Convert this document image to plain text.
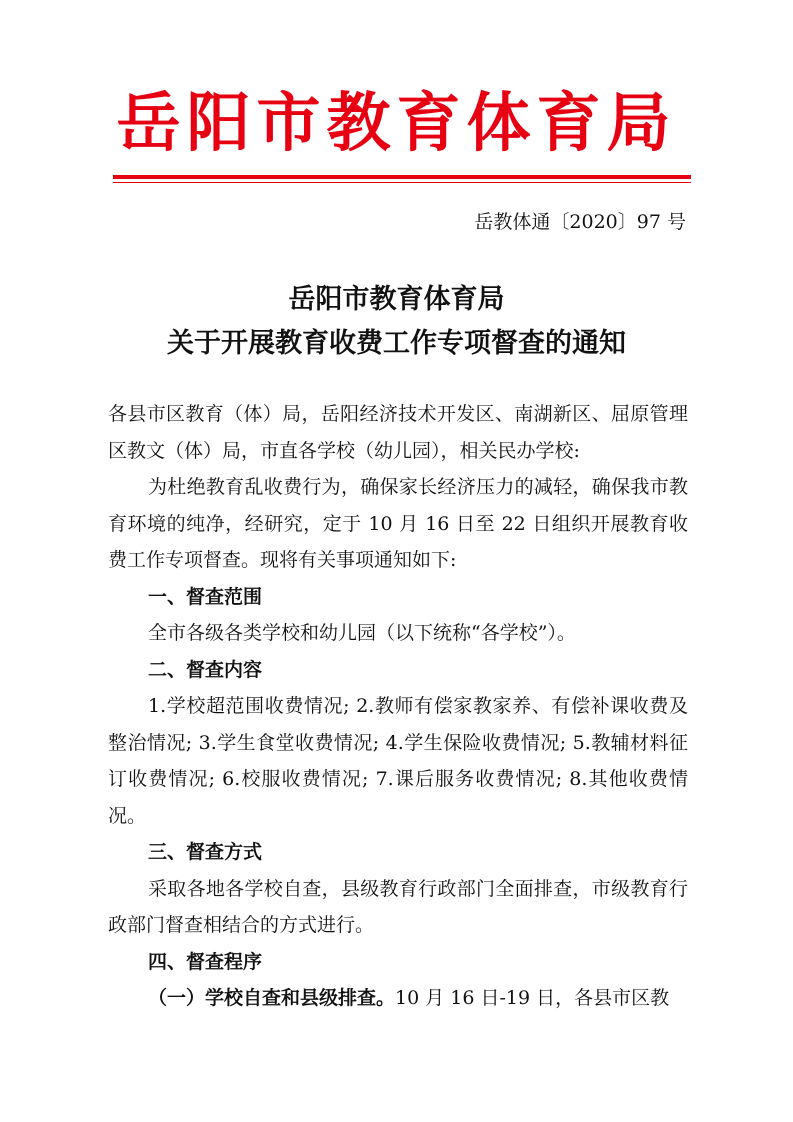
岳阳市教育体育局
岳教体通〔2020〕97 号
岳阳市教育体育局
关于开展教育收费工作专项督查的通知

各县市区教育（体）局，岳阳经济技术开发区、南湖新区、屈原管理区教文（体）局，市直各学校（幼儿园），相关民办学校:

为杜绝教育乱收费行为，确保家长经济压力的减轻，确保我市教育环境的纯净，经研究，定于 10 月 16 日至 22 日组织开展教育收费工作专项督查。现将有关事项通知如下:

一、督查范围

全市各级各类学校和幼儿园（以下统称“各学校”）。

二、督查内容

1.学校超范围收费情况; 2.教师有偿家教家养、有偿补课收费及整治情况; 3.学生食堂收费情况; 4.学生保险收费情况; 5.教辅材料征订收费情况; 6.校服收费情况; 7.课后服务收费情况; 8.其他收费情况。

三、督查方式

采取各地各学校自查，县级教育行政部门全面排查，市级教育行政部门督查相结合的方式进行。

四、督查程序

（一）学校自查和县级排查。10 月 16 日-19 日，各县市区教
